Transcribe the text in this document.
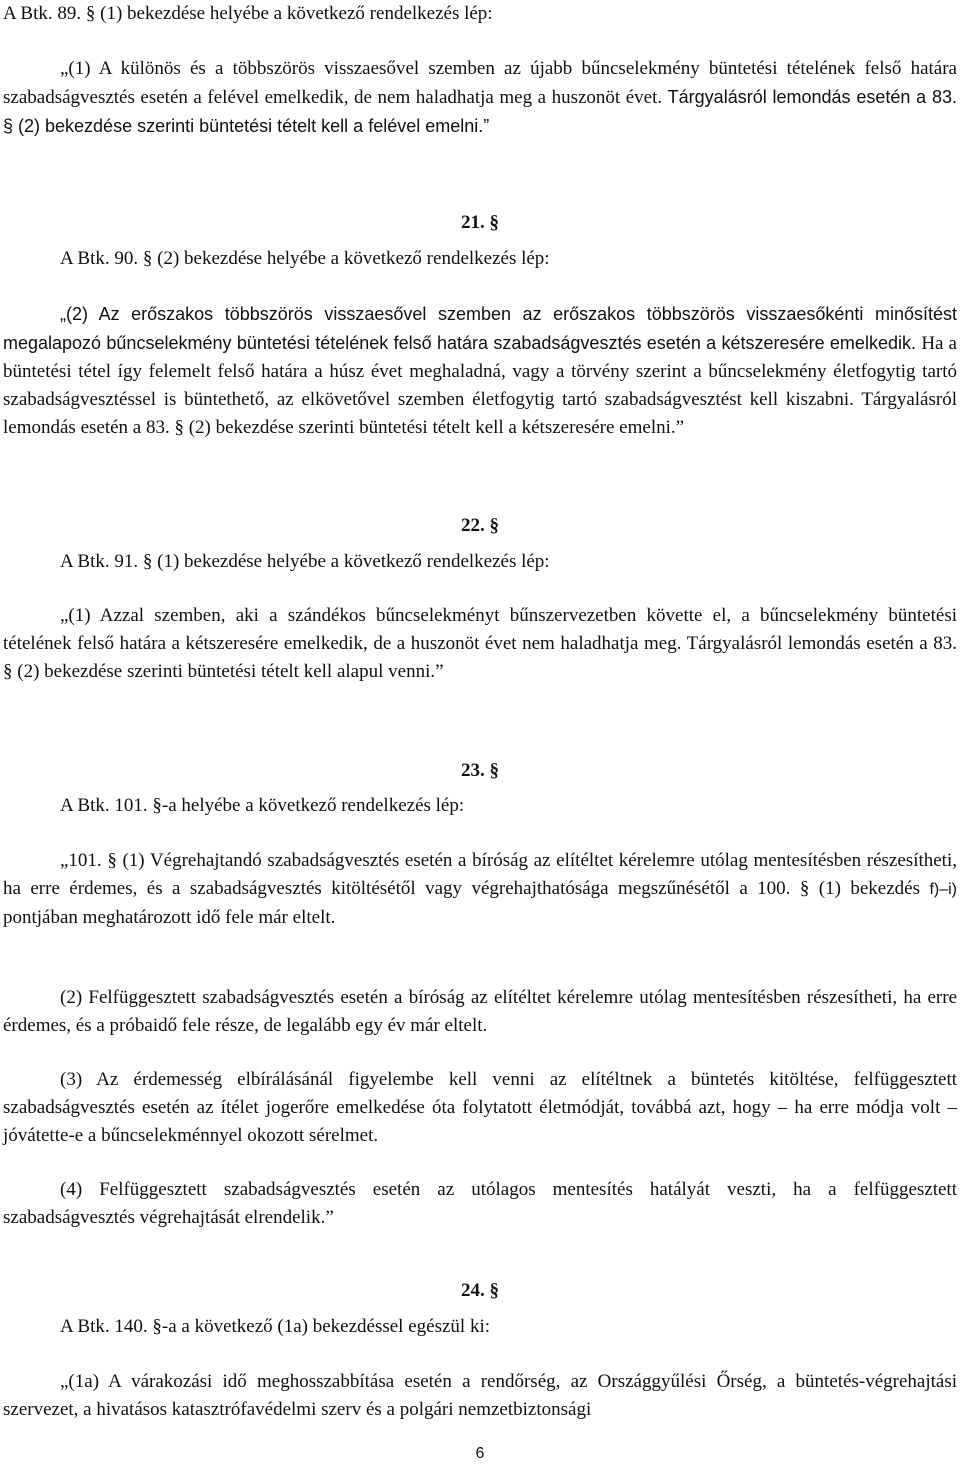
A Btk. 89. § (1) bekezdése helyébe a következő rendelkezés lép:

„(1) A különös és a többszörös visszaesővel szemben az újabb bűncselekmény büntetési tételének felső határa szabadságvesztés esetén a felével emelkedik, de nem haladhatja meg a huszonöt évet. Tárgyalásról lemondás esetén a 83. § (2) bekezdése szerinti büntetési tételt kell a felével emelni.”

21. §

A Btk. 90. § (2) bekezdése helyébe a következő rendelkezés lép:

„(2) Az erőszakos többszörös visszaesővel szemben az erőszakos többszörös visszaesőkénti minősítést megalapozó bűncselekmény büntetési tételének felső határa szabadságvesztés esetén a kétszeresére emelkedik. Ha a büntetési tétel így felemelt felső határa a húsz évet meghaladná, vagy a törvény szerint a bűncselekmény életfogytig tartó szabadságvesztéssel is büntethető, az elkövetővel szemben életfogytig tartó szabadságvesztést kell kiszabni. Tárgyalásról lemondás esetén a 83. § (2) bekezdése szerinti büntetési tételt kell a kétszeresére emelni.”

22. §

A Btk. 91. § (1) bekezdése helyébe a következő rendelkezés lép:

„(1) Azzal szemben, aki a szándékos bűncselekményt bűnszervezetben követte el, a bűncselekmény büntetési tételének felső határa a kétszeresére emelkedik, de a huszonöt évet nem haladhatja meg. Tárgyalásról lemondás esetén a 83. § (2) bekezdése szerinti büntetési tételt kell alapul venni.”

23. §

A Btk. 101. §-a helyébe a következő rendelkezés lép:

„101. § (1) Végrehajtandó szabadságvesztés esetén a bíróság az elítéltet kérelemre utólag mentesítésben részesítheti, ha erre érdemes, és a szabadságvesztés kitöltésétől vagy végrehajthatósága megszűnésétől a 100. § (1) bekezdés f)–i) pontjában meghatározott idő fele már eltelt.

(2) Felfüggesztett szabadságvesztés esetén a bíróság az elítéltet kérelemre utólag mentesítésben részesítheti, ha erre érdemes, és a próbaidő fele része, de legalább egy év már eltelt.

(3) Az érdemesség elbírálásánál figyelembe kell venni az elítéltnek a büntetés kitöltése, felfüggesztett szabadságvesztés esetén az ítélet jogerőre emelkedése óta folytatott életmódját, továbbá azt, hogy – ha erre módja volt – jóvátette-e a bűncselekménnyel okozott sérelmet.

(4) Felfüggesztett szabadságvesztés esetén az utólagos mentesítés hatályát veszti, ha a felfüggesztett szabadságvesztés végrehajtását elrendelik.”

24. §

A Btk. 140. §-a a következő (1a) bekezdéssel egészül ki:

„(1a) A várakozási idő meghosszabbítása esetén a rendőrség, az Országgyűlési Őrség, a büntetés-végrehajtási szervezet, a hivatásos katasztrófavédelmi szerv és a polgári nemzetbiztonsági

6
